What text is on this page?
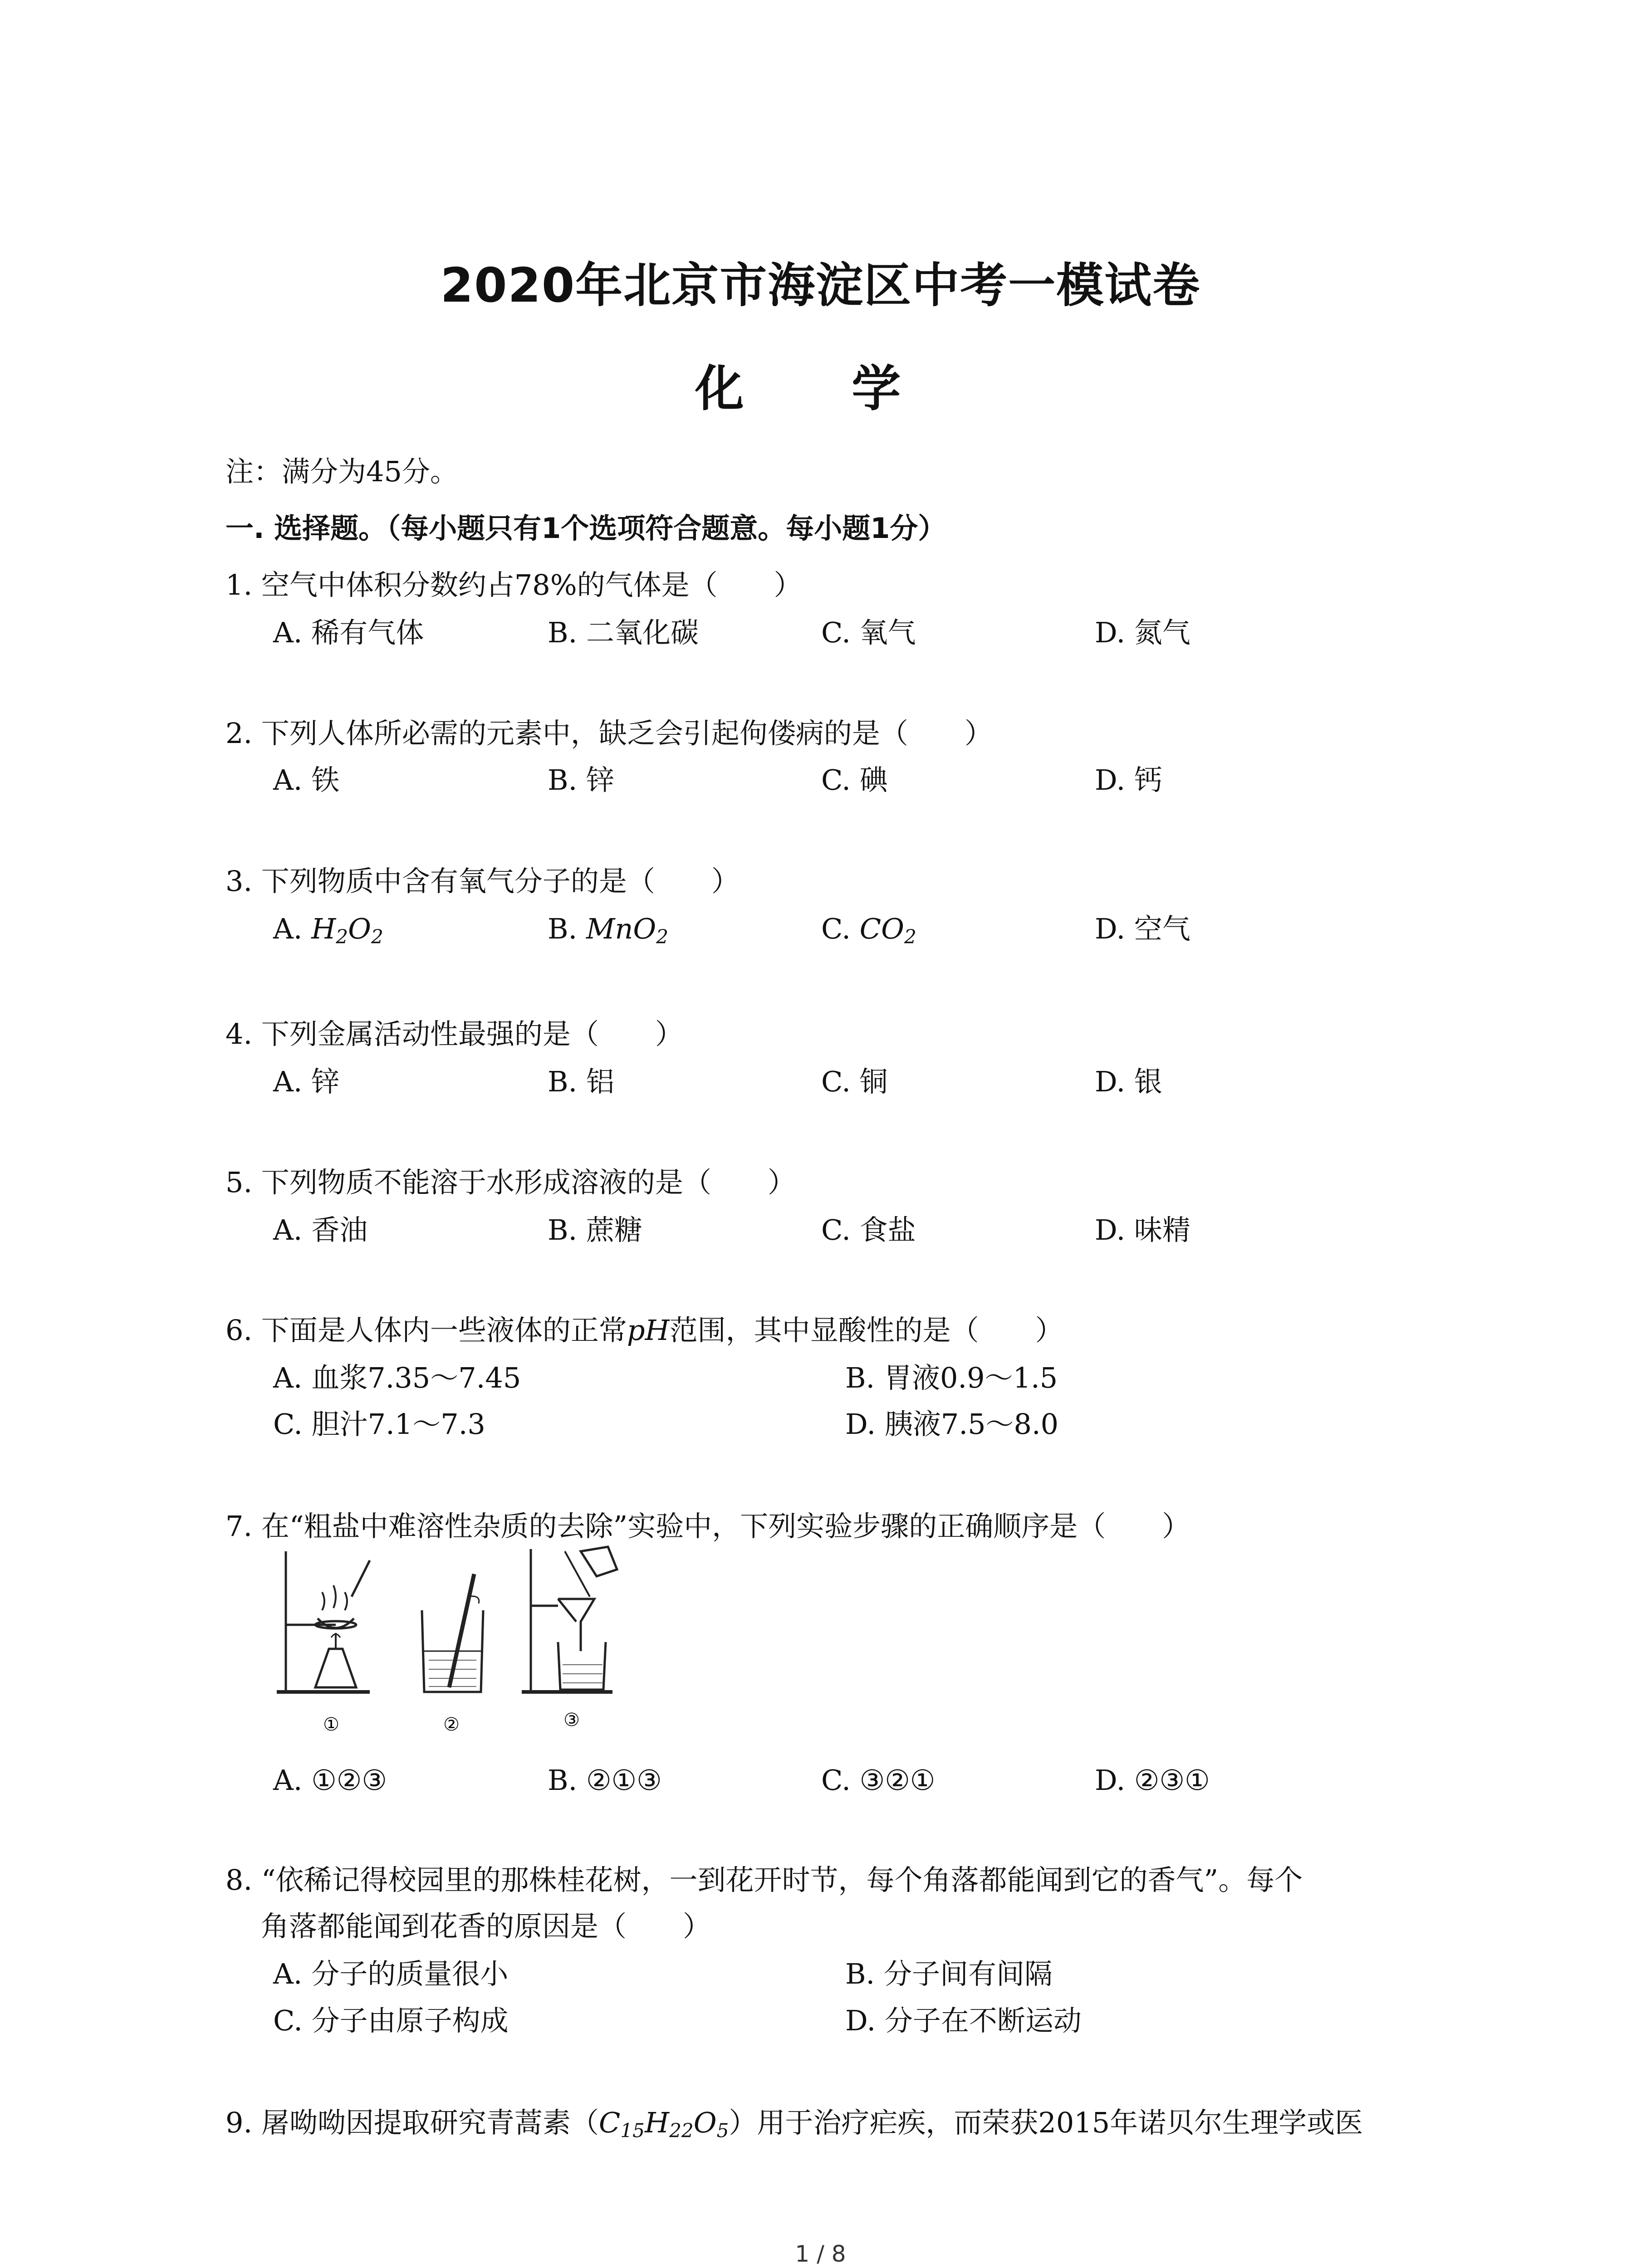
2020年北京市海淀区中考一模试卷
化 学
注：满分为45分。
一. 选择题。（每小题只有1个选项符合题意。每小题1分）
1. 空气中体积分数约占78%的气体是（　　）
A. 稀有气体	B. 二氧化碳	C. 氧气	D. 氮气
2. 下列人体所必需的元素中，缺乏会引起佝偻病的是（　　）
A. 铁	B. 锌	C. 碘	D. 钙
3. 下列物质中含有氧气分子的是（　　）
A. $H_2O_2$	B. MnO$_2$	C. $CO_2$	D. 空气
4. 下列金属活动性最强的是（　　）
A. 锌	B. 铝	C. 铜	D. 银
5. 下列物质不能溶于水形成溶液的是（　　）
A. 香油	B. 蔗糖	C. 食盐	D. 味精
6. 下面是人体内一些液体的正常pH范围，其中显酸性的是（　　）
A. 血浆7.35～7.45	B. 胃液0.9～1.5
C. 胆汁7.1～7.3	D. 胰液7.5～8.0
7. 在“粗盐中难溶性杂质的去除”实验中，下列实验步骤的正确顺序是（　　）
①	②	③
A. ①②③	B. ②①③	C. ③②①	D. ②③①
8. “依稀记得校园里的那株桂花树，一到花开时节，每个角落都能闻到它的香气”。每个
角落都能闻到花香的原因是（　　）
A. 分子的质量很小	B. 分子间有间隔
C. 分子由原子构成	D. 分子在不断运动
9. 屠呦呦因提取研究青蒿素$(C_{15}H_{22}O_5)$用于治疗疟疾，而荣获2015年诺贝尔生理学或医
1 / 8
